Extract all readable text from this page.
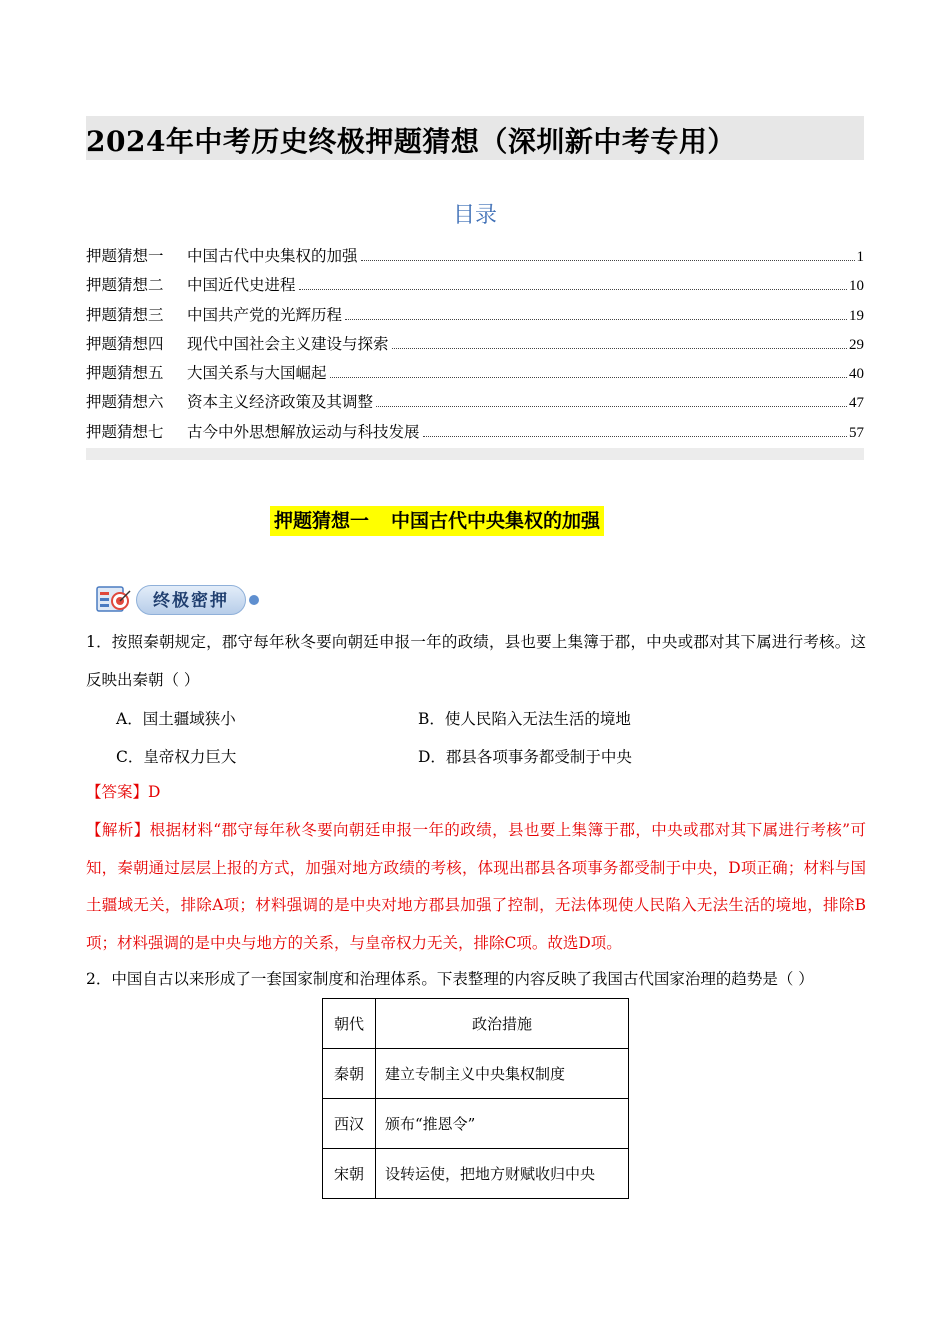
2024年中考历史终极押题猜想（深圳新中考专用）
目录
押题猜想一	中国古代中央集权的加强	1
押题猜想二	中国近代史进程	10
押题猜想三	中国共产党的光辉历程	19
押题猜想四	现代中国社会主义建设与探索	29
押题猜想五	大国关系与大国崛起	40
押题猜想六	资本主义经济政策及其调整	47
押题猜想七	古今中外思想解放运动与科技发展	57
押题猜想一 中国古代中央集权的加强
终极密押
1．按照秦朝规定，郡守每年秋冬要向朝廷申报一年的政绩，县也要上集簿于郡，中央或郡对其下属进行考核。这反映出秦朝（ ）
A．国土疆域狭小	B．使人民陷入无法生活的境地
C．皇帝权力巨大	D．郡县各项事务都受制于中央
【答案】D
【解析】根据材料“郡守每年秋冬要向朝廷申报一年的政绩，县也要上集簿于郡，中央或郡对其下属进行考核”可知，秦朝通过层层上报的方式，加强对地方政绩的考核，体现出郡县各项事务都受制于中央，D项正确；材料与国土疆域无关，排除A项；材料强调的是中央对地方郡县加强了控制，无法体现使人民陷入无法生活的境地，排除B项；材料强调的是中央与地方的关系，与皇帝权力无关，排除C项。故选D项。
2．中国自古以来形成了一套国家制度和治理体系。下表整理的内容反映了我国古代国家治理的趋势是（ ）
朝代	政治措施
秦朝	建立专制主义中央集权制度
西汉	颁布“推恩令”
宋朝	设转运使，把地方财赋收归中央
